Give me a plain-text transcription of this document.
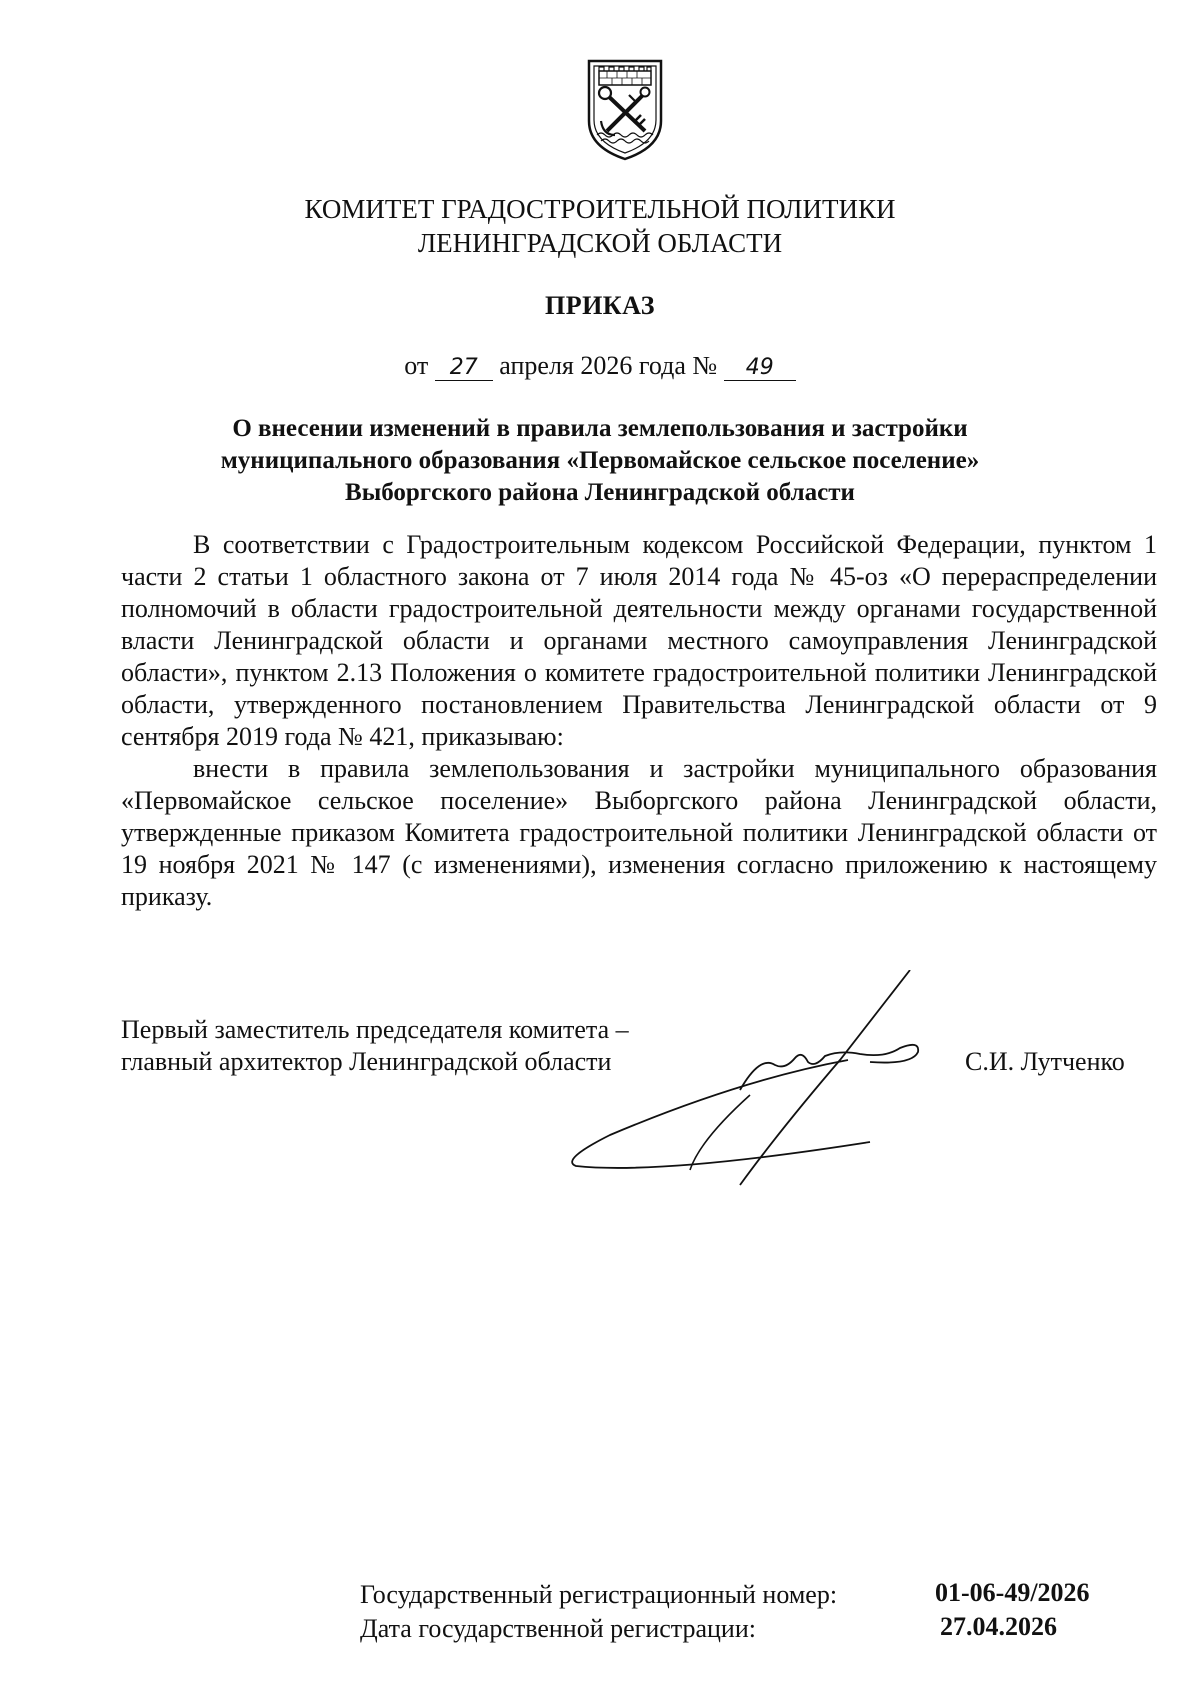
КОМИТЕТ ГРАДОСТРОИТЕЛЬНОЙ ПОЛИТИКИ
ЛЕНИНГРАДСКОЙ ОБЛАСТИ
ПРИКАЗ
от 27 апреля 2026 года № 49
О внесении изменений в правила землепользования и застройки
муниципального образования «Первомайское сельское поселение»
Выборгского района Ленинградской области

В соответствии с Градостроительным кодексом Российской Федерации, пунктом 1 части 2 статьи 1 областного закона от 7 июля 2014 года № 45-оз «О перераспределении полномочий в области градостроительной деятельности между органами государственной власти Ленинградской области и органами местного самоуправления Ленинградской области», пунктом 2.13 Положения о комитете градостроительной политики Ленинградской области, утвержденного постановлением Правительства Ленинградской области от 9 сентября 2019 года № 421, приказываю:

внести в правила землепользования и застройки муниципального образования «Первомайское сельское поселение» Выборгского района Ленинградской области, утвержденные приказом Комитета градостроительной политики Ленинградской области от 19 ноября 2021 № 147 (с изменениями), изменения согласно приложению к настоящему приказу.

Первый заместитель председателя комитета –
главный архитектор Ленинградской области	С.И. Лутченко
Государственный регистрационный номер:	01-06-49/2026
Дата государственной регистрации:	27.04.2026
